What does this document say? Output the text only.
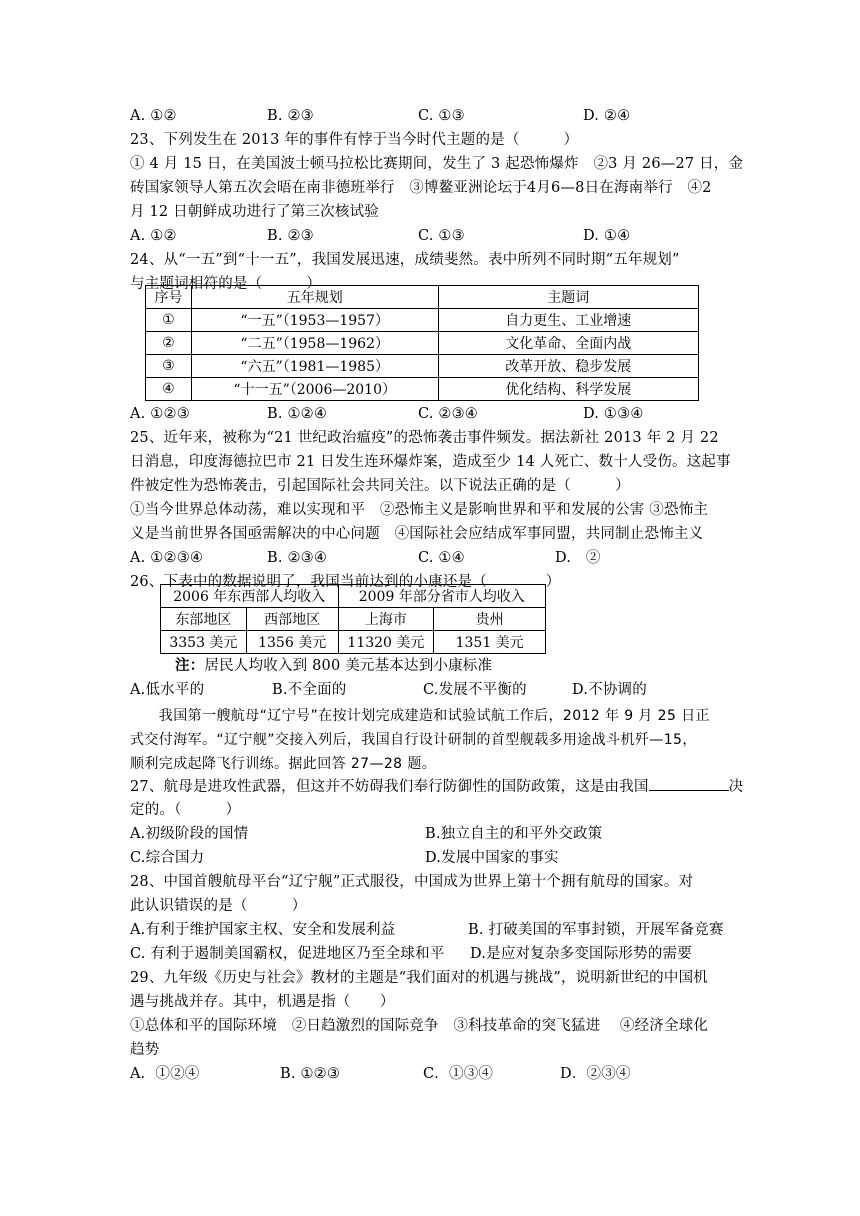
A. ①②	B. ②③	C. ①③	D. ②④
23、下列发生在 2013 年的事件有悖于当今时代主题的是（　　　）
① 4 月 15 日，在美国波士顿马拉松比赛期间，发生了 3 起恐怖爆炸　②3 月 26—27 日，金
砖国家领导人第五次会晤在南非德班举行　③博鳌亚洲论坛于4月6—8日在海南举行　④2
月 12 日朝鲜成功进行了第三次核试验
A. ①②	B. ②③	C. ①③	D. ①④
24、从“一五”到“十一五”，我国发展迅速，成绩斐然。表中所列不同时期“五年规划”
与主题词相符的是（　　　）
序号	五年规划	主题词
①	“一五”（1953—1957）	自力更生、工业增速
②	“二五”（1958—1962）	文化革命、全面内战
③	“六五”（1981—1985）	改革开放、稳步发展
④	“十一五”（2006—2010）	优化结构、科学发展
A. ①②③	B. ①②④	C. ②③④	D. ①③④
25、近年来，被称为“21 世纪政治瘟疫”的恐怖袭击事件频发。据法新社 2013 年 2 月 22
日消息，印度海德拉巴市 21 日发生连环爆炸案，造成至少 14 人死亡、数十人受伤。这起事
件被定性为恐怖袭击，引起国际社会共同关注。以下说法正确的是（　　　）
①当今世界总体动荡，难以实现和平　②恐怖主义是影响世界和平和发展的公害 ③恐怖主
义是当前世界各国亟需解决的中心问题　④国际社会应结成军事同盟，共同制止恐怖主义
A. ①②③④	B. ②③④	C. ①④	D.　②
26、下表中的数据说明了，我国当前达到的小康还是（　　　　）
2006 年东西部人均收入		2009 年部分省市人均收入	
东部地区	西部地区	上海市	贵州
3353 美元	1356 美元	11320 美元	1351 美元
注：居民人均收入到 800 美元基本达到小康标准
A.低水平的	B.不全面的	C.发展不平衡的	D.不协调的
　　我国第一艘航母“辽宁号”在按计划完成建造和试验试航工作后，2012 年 9 月 25 日正
式交付海军。“辽宁舰”交接入列后，我国自行设计研制的首型舰载多用途战斗机歼—15，
顺利完成起降飞行训练。据此回答 27—28 题。
27、航母是进攻性武器，但这并不妨碍我们奉行防御性的国防政策，这是由我国	决
定的。（　　　）
A.初级阶段的国情	B.独立自主的和平外交政策
C.综合国力	D.发展中国家的事实
28、中国首艘航母平台“辽宁舰”正式服役，中国成为世界上第十个拥有航母的国家。对
此认识错误的是（　　　）
A.有利于维护国家主权、安全和发展利益	B. 打破美国的军事封锁，开展军备竞赛
C. 有利于遏制美国霸权，促进地区乃至全球和平 D.是应对复杂多变国际形势的需要
29、九年级《历史与社会》教材的主题是“我们面对的机遇与挑战”，说明新世纪的中国机
遇与挑战并存。其中，机遇是指（　　）
①总体和平的国际环境　②日趋激烈的国际竞争　③科技革命的突飞猛进　 ④经济全球化
趋势
A．①②④	B. ①②③	C．①③④	D．②③④
